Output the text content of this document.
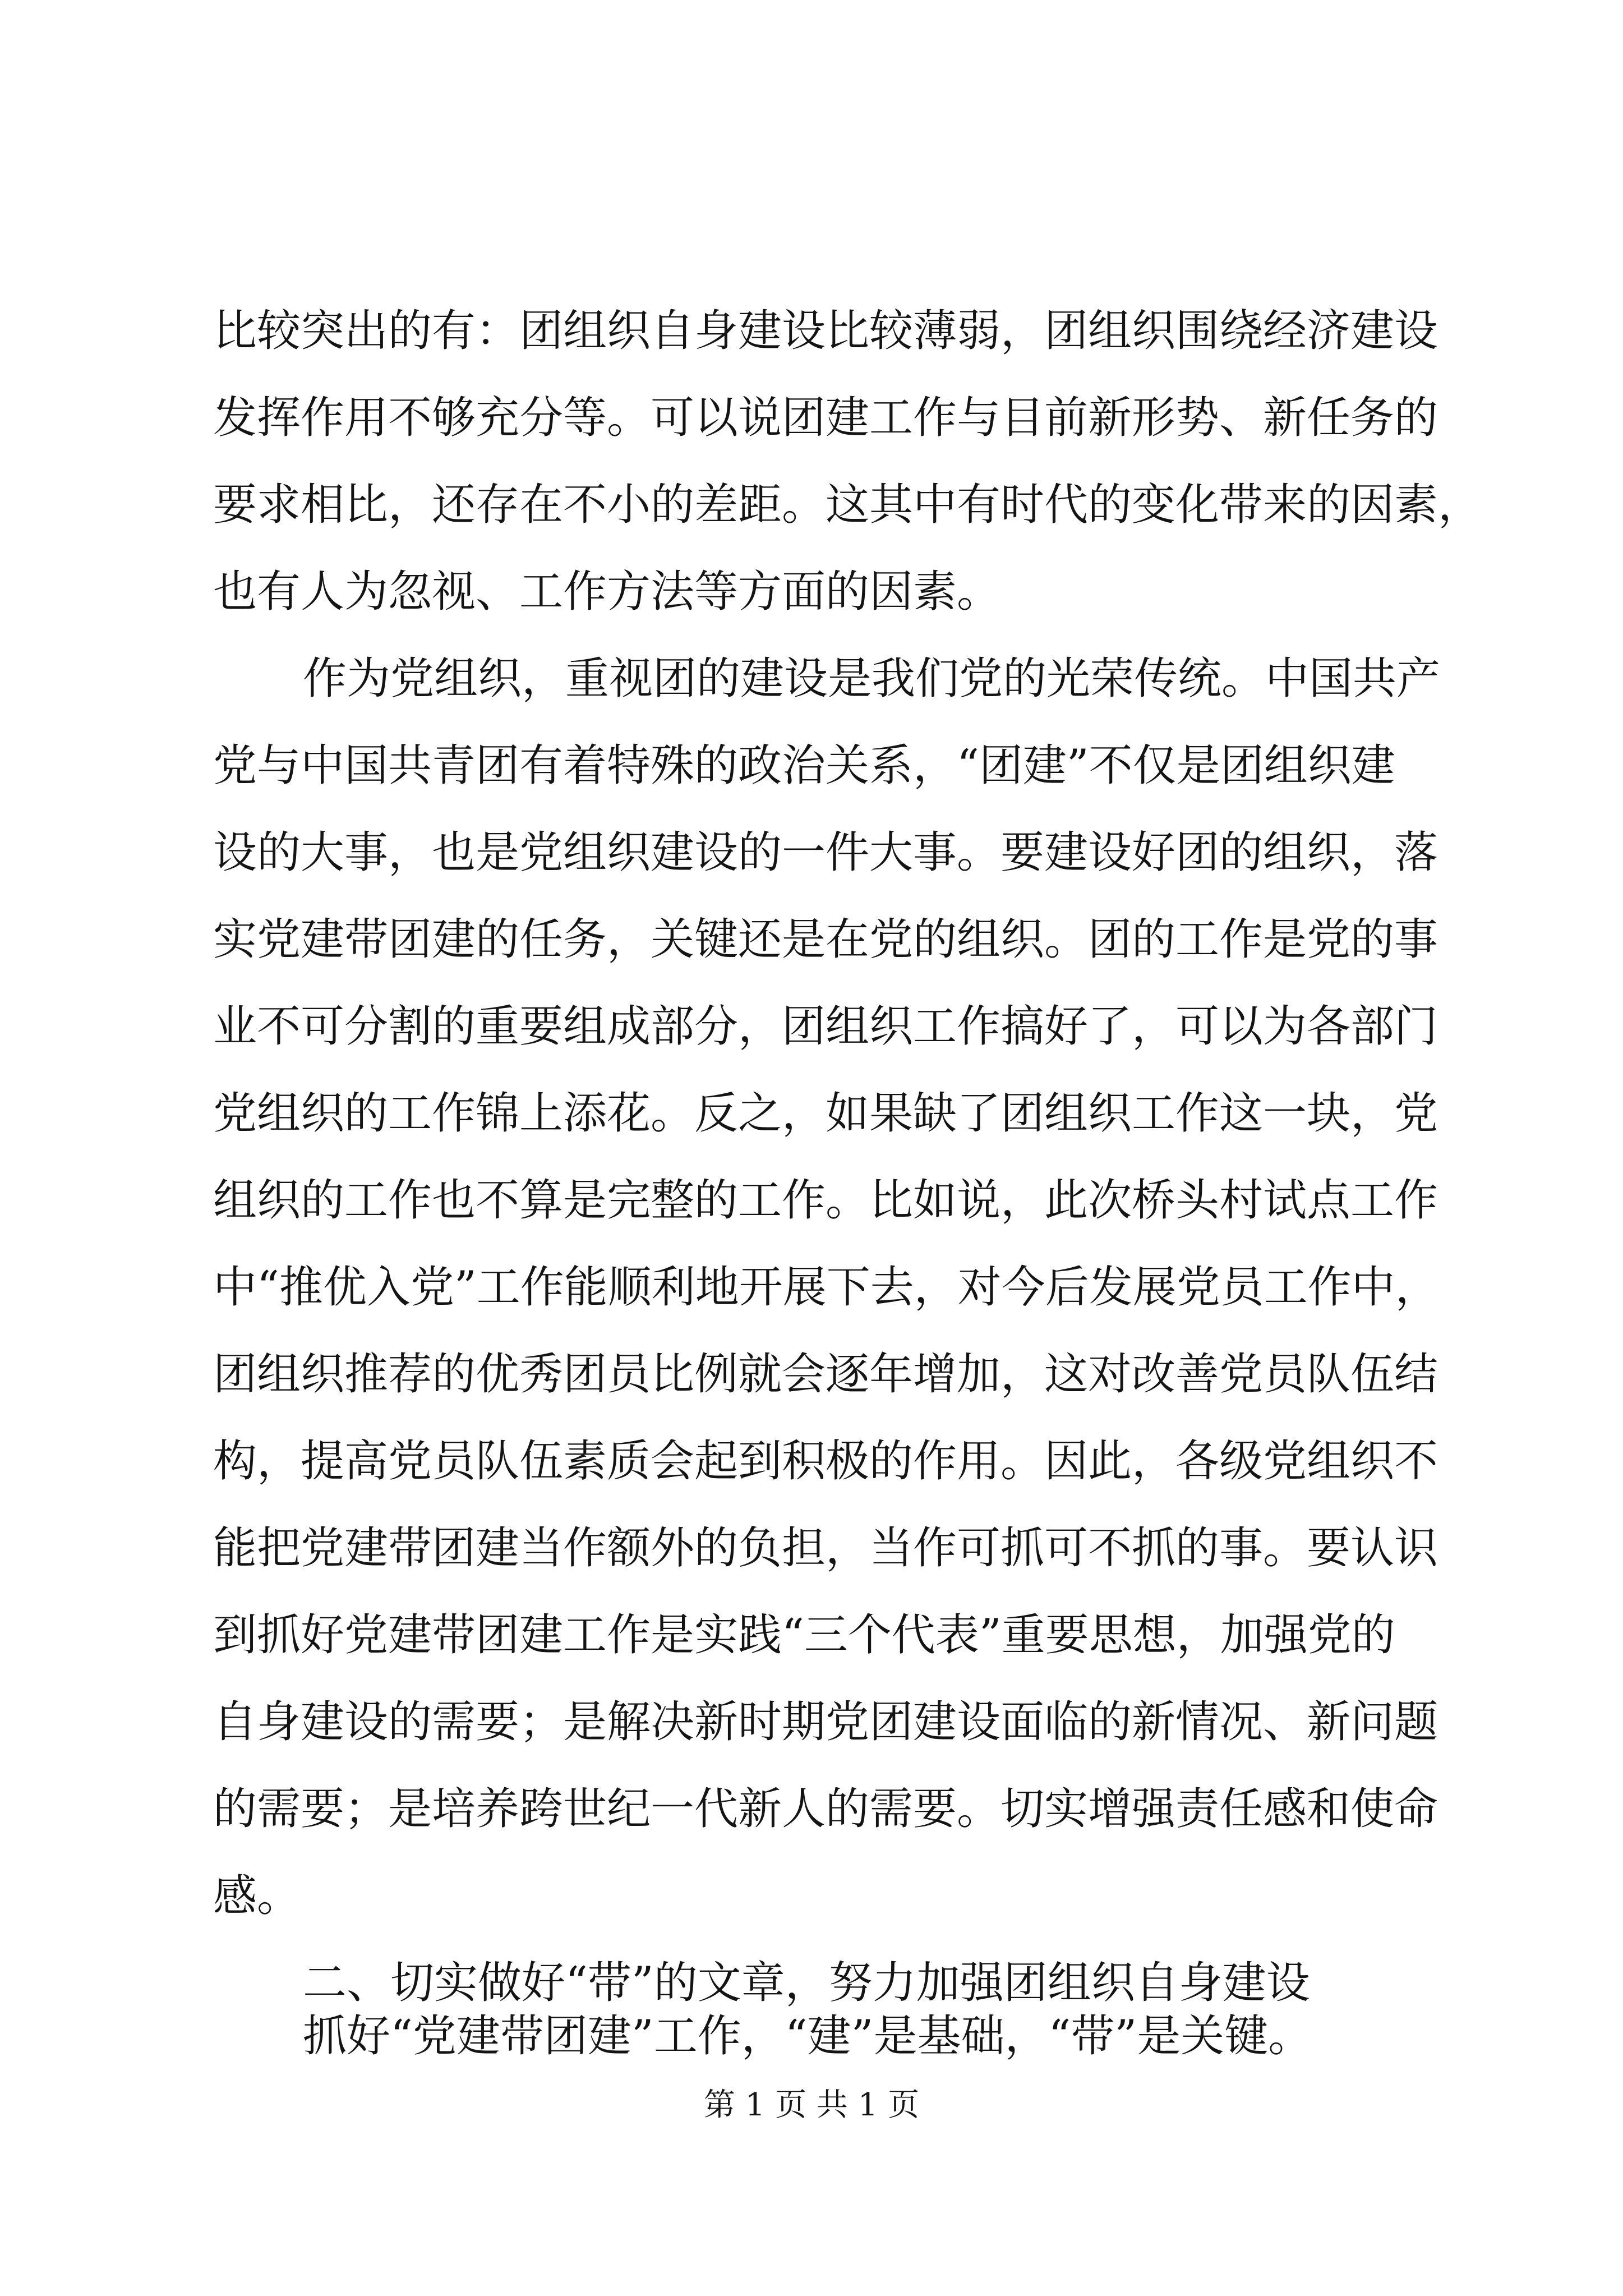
比较突出的有：团组织自身建设比较薄弱，团组织围绕经济建设
发挥作用不够充分等。可以说团建工作与目前新形势、新任务的
要求相比，还存在不小的差距。这其中有时代的变化带来的因素，
也有人为忽视、工作方法等方面的因素。
作为党组织，重视团的建设是我们党的光荣传统。中国共产
党与中国共青团有着特殊的政治关系，“团建”不仅是团组织建
设的大事，也是党组织建设的一件大事。要建设好团的组织，落
实党建带团建的任务，关键还是在党的组织。团的工作是党的事
业不可分割的重要组成部分，团组织工作搞好了，可以为各部门
党组织的工作锦上添花。反之，如果缺了团组织工作这一块，党
组织的工作也不算是完整的工作。比如说，此次桥头村试点工作
中“推优入党”工作能顺利地开展下去，对今后发展党员工作中，
团组织推荐的优秀团员比例就会逐年增加，这对改善党员队伍结
构，提高党员队伍素质会起到积极的作用。因此，各级党组织不
能把党建带团建当作额外的负担，当作可抓可不抓的事。要认识
到抓好党建带团建工作是实践“三个代表”重要思想，加强党的
自身建设的需要；是解决新时期党团建设面临的新情况、新问题
的需要；是培养跨世纪一代新人的需要。切实增强责任感和使命
感。
二、切实做好“带”的文章，努力加强团组织自身建设
抓好“党建带团建”工作，“建”是基础，“带”是关键。
第 1 页 共 1 页
